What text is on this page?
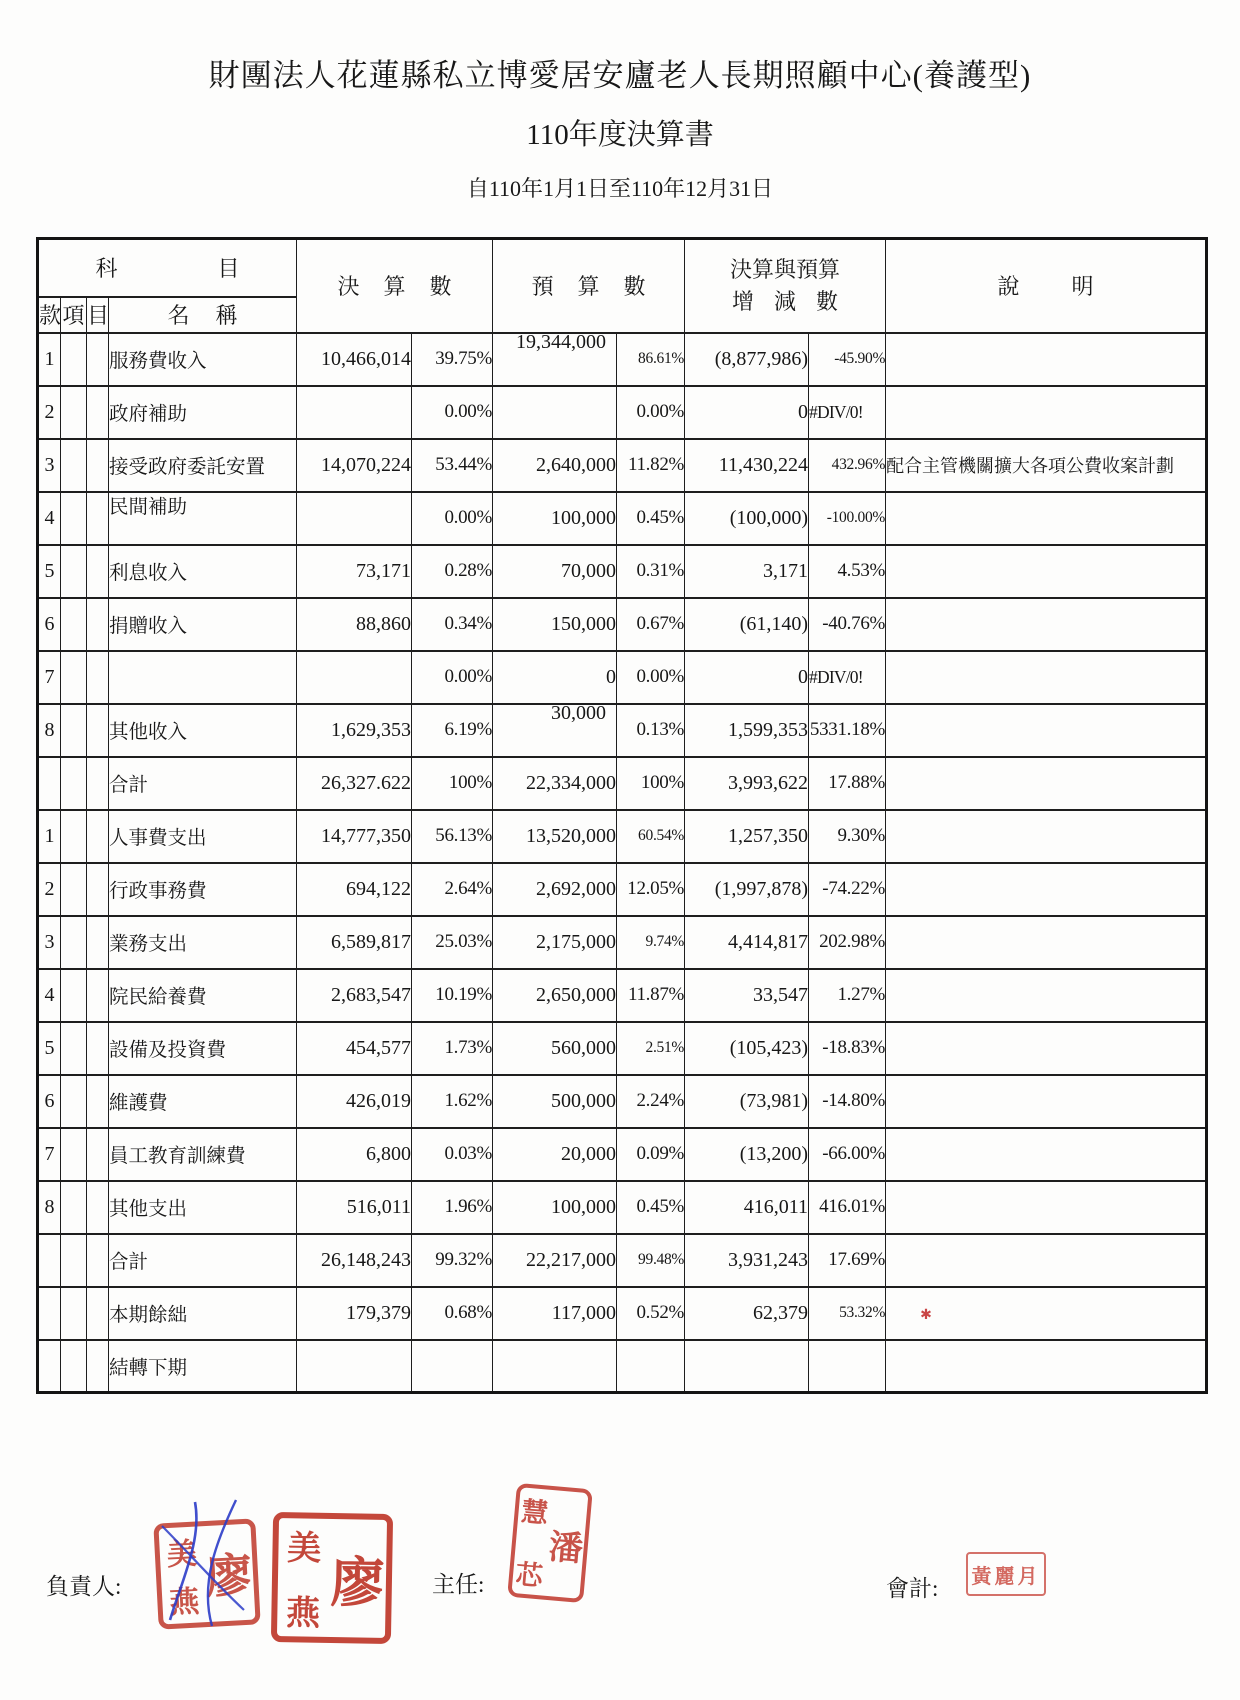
財團法人花蓮縣私立博愛居安廬老人長期照顧中心(養護型)
110年度決算書
自110年1月1日至110年12月31日
科目				決算數		預算數		決算與預算
增減數		說明
款	項	目	名稱							
1			服務費收入	10,466,014	39.75%	19,344,000	86.61%	(8,877,986)	-45.90%	
2			政府補助		0.00%		0.00%	0	#DIV/0!	
3			接受政府委託安置	14,070,224	53.44%	2,640,000	11.82%	11,430,224	432.96%	配合主管機關擴大各項公費收案計劃
4			民間補助		0.00%	100,000	0.45%	(100,000)	-100.00%	
5			利息收入	73,171	0.28%	70,000	0.31%	3,171	4.53%	
6			捐贈收入	88,860	0.34%	150,000	0.67%	(61,140)	-40.76%	
7					0.00%	0	0.00%	0	#DIV/0!	
8			其他收入	1,629,353	6.19%	30,000	0.13%	1,599,353	5331.18%	
			合計	26,327.622	100%	22,334,000	100%	3,993,622	17.88%	
1			人事費支出	14,777,350	56.13%	13,520,000	60.54%	1,257,350	9.30%	
2			行政事務費	694,122	2.64%	2,692,000	12.05%	(1,997,878)	-74.22%	
3			業務支出	6,589,817	25.03%	2,175,000	9.74%	4,414,817	202.98%	
4			院民給養費	2,683,547	10.19%	2,650,000	11.87%	33,547	1.27%	
5			設備及投資費	454,577	1.73%	560,000	2.51%	(105,423)	-18.83%	
6			維護費	426,019	1.62%	500,000	2.24%	(73,981)	-14.80%	
7			員工教育訓練費	6,800	0.03%	20,000	0.09%	(13,200)	-66.00%	
8			其他支出	516,011	1.96%	100,000	0.45%	416,011	416.01%	
			合計	26,148,243	99.32%	22,217,000	99.48%	3,931,243	17.69%	
			本期餘絀	179,379	0.68%	117,000	0.52%	62,379	53.32%	✱
			結轉下期							
負責人: 廖
美
燕 廖
美
燕
主任:
潘
慧
芯	會計: 黃麗月
